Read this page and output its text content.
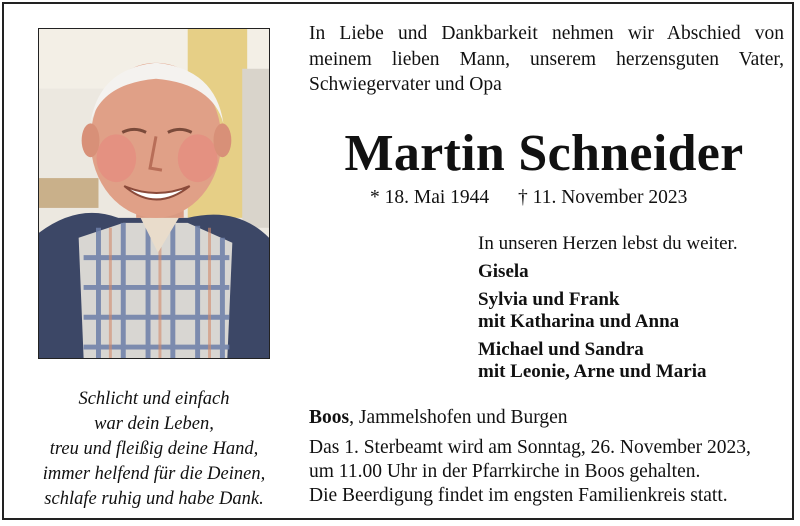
Schlicht und einfach
war dein Leben,
treu und fleißig deine Hand,
immer helfend für die Deinen,
schlafe ruhig und habe Dank.
In Liebe und Dankbarkeit nehmen wir Abschied von
meinem lieben Mann, unserem herzensguten Vater,
Schwiegervater und Opa
Martin Schneider
* 18. Mai 1944 † 11. November 2023
In unseren Herzen lebst du weiter.
Gisela
Sylvia und Frank
mit Katharina und Anna
Michael und Sandra
mit Leonie, Arne und Maria
Boos, Jammelshofen und Burgen
Das 1. Sterbeamt wird am Sonntag, 26. November 2023,
um 11.00 Uhr in der Pfarrkirche in Boos gehalten.
Die Beerdigung findet im engsten Familienkreis statt.
